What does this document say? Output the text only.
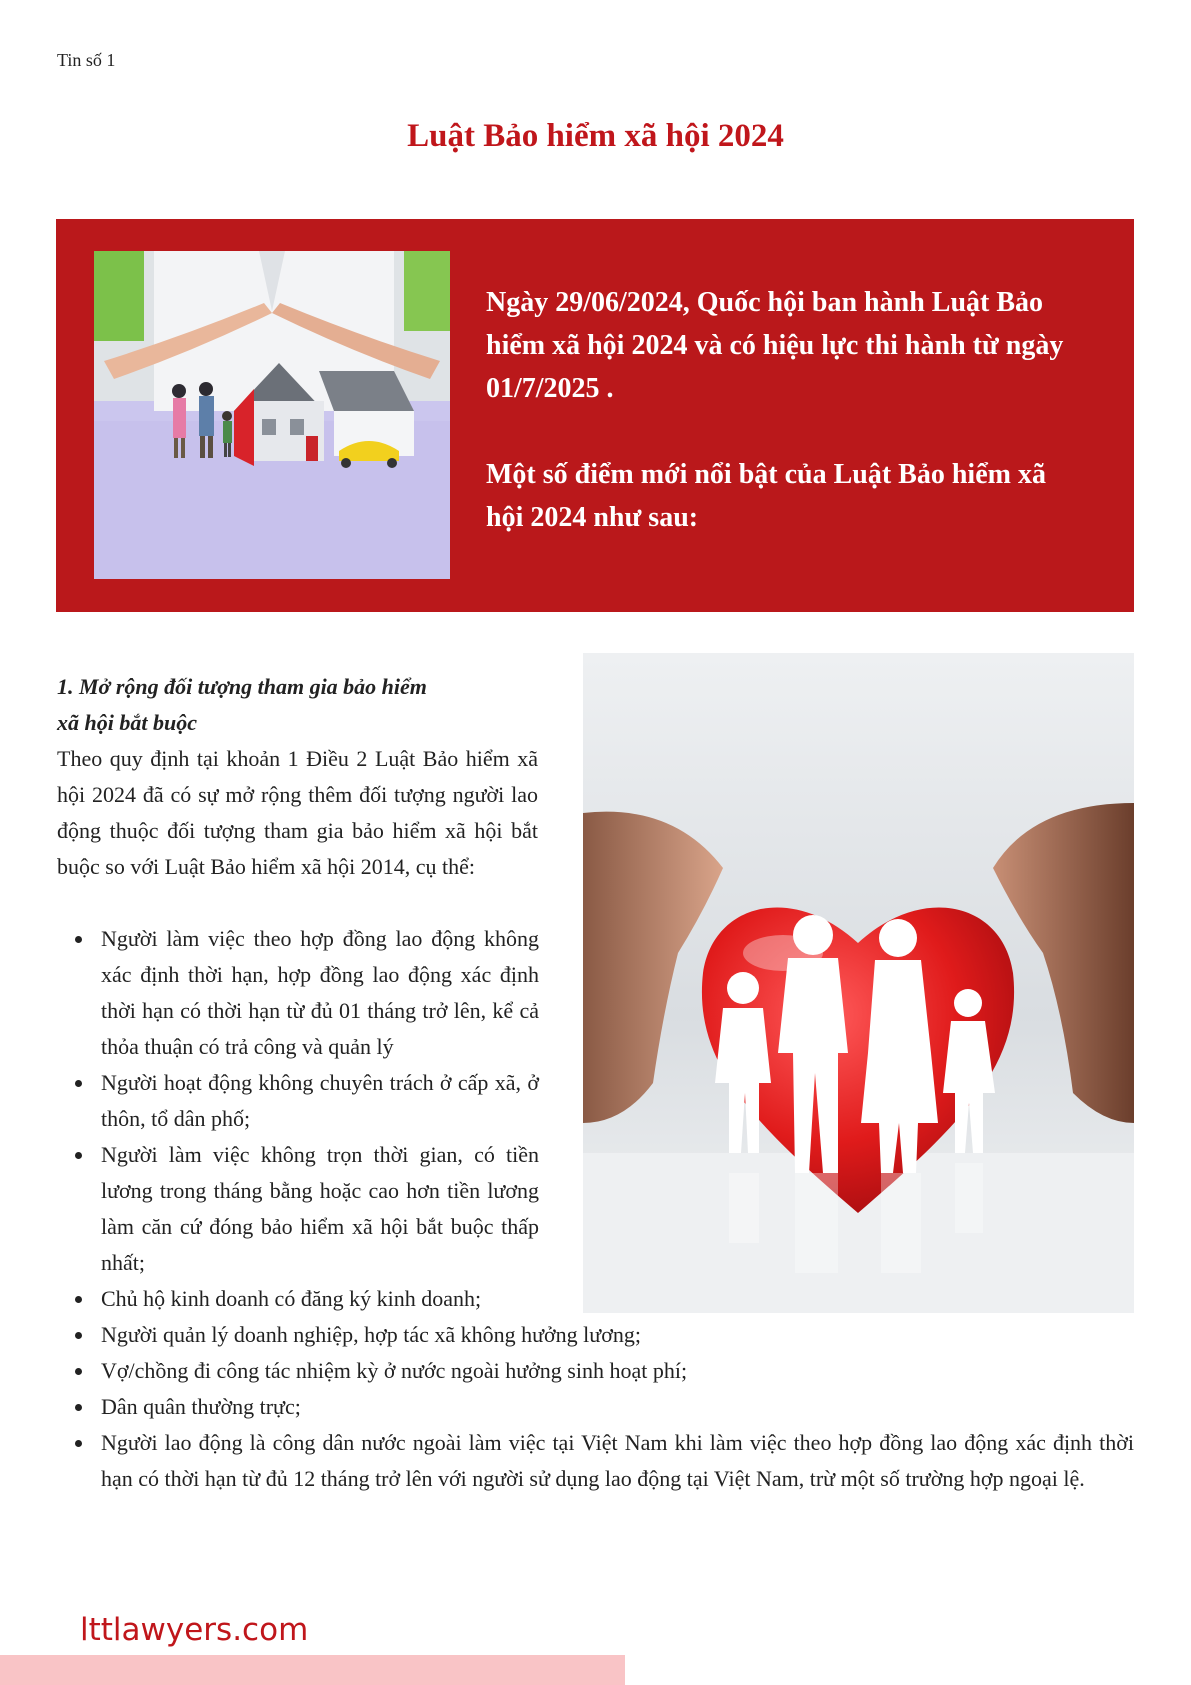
Tin số 1
Luật Bảo hiểm xã hội 2024

Ngày 29/06/2024, Quốc hội ban hành Luật Bảo hiểm xã hội 2024 và có hiệu lực thi hành từ ngày 01/7/2025 .

Một số điểm mới nổi bật của Luật Bảo hiểm xã hội 2024 như sau:

1. Mở rộng đối tượng tham gia bảo hiểm
xã hội bắt buộc

Theo quy định tại khoản 1 Điều 2 Luật Bảo hiểm xã hội 2024 đã có sự mở rộng thêm đối tượng người lao động thuộc đối tượng tham gia bảo hiểm xã hội bắt buộc so với Luật Bảo hiểm xã hội 2014, cụ thể:

Người làm việc theo hợp đồng lao động không xác định thời hạn, hợp đồng lao động xác định thời hạn có thời hạn từ đủ 01 tháng trở lên, kể cả thỏa thuận có trả công và quản lý
Người hoạt động không chuyên trách ở cấp xã, ở thôn, tổ dân phố;
Người làm việc không trọn thời gian, có tiền lương trong tháng bằng hoặc cao hơn tiền lương làm căn cứ đóng bảo hiểm xã hội bắt buộc thấp nhất;
Chủ hộ kinh doanh có đăng ký kinh doanh;
Người quản lý doanh nghiệp, hợp tác xã không hưởng lương;
Vợ/chồng đi công tác nhiệm kỳ ở nước ngoài hưởng sinh hoạt phí;
Dân quân thường trực;
Người lao động là công dân nước ngoài làm việc tại Việt Nam khi làm việc theo hợp đồng lao động xác định thời hạn có thời hạn từ đủ 12 tháng trở lên với người sử dụng lao động tại Việt Nam, trừ một số trường hợp ngoại lệ.
lttlawyers.com
